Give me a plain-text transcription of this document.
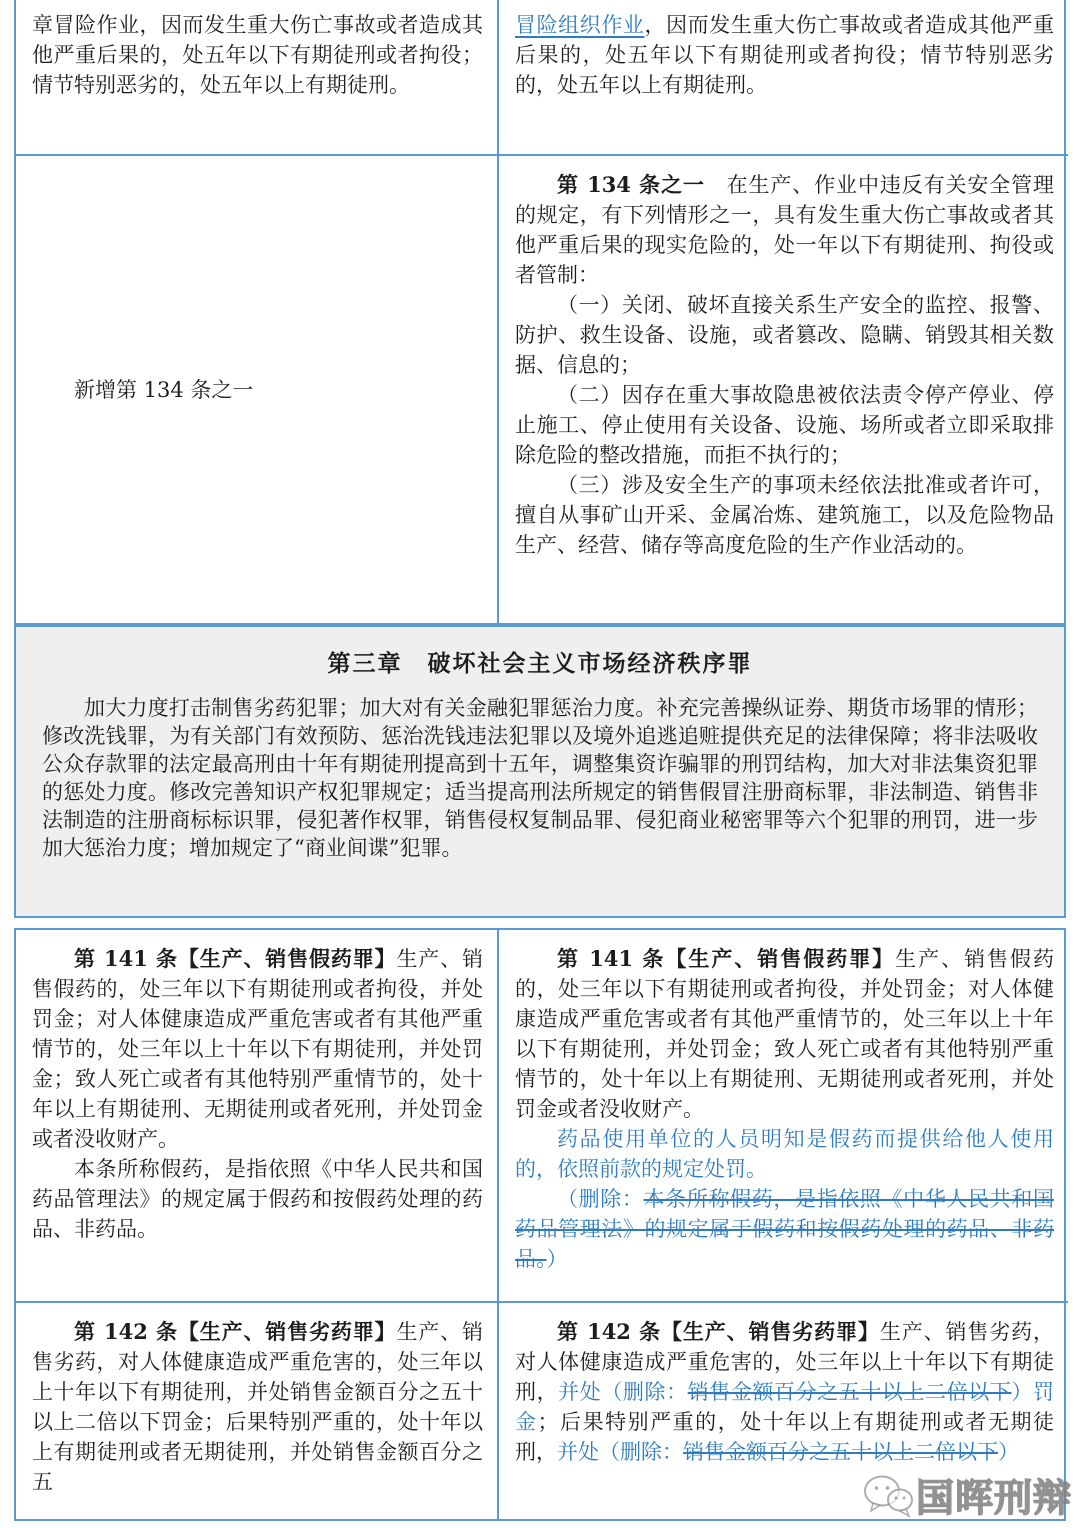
章冒险作业，因而发生重大伤亡事故或者造成其他严重后果的，处五年以下有期徒刑或者拘役；情节特别恶劣的，处五年以上有期徒刑。

冒险组织作业，因而发生重大伤亡事故或者造成其他严重后果的，处五年以下有期徒刑或者拘役；情节特别恶劣的，处五年以上有期徒刑。

新增第 134 条之一

第 134 条之一　在生产、作业中违反有关安全管理的规定，有下列情形之一，具有发生重大伤亡事故或者其他严重后果的现实危险的，处一年以下有期徒刑、拘役或者管制：

（一）关闭、破坏直接关系生产安全的监控、报警、防护、救生设备、设施，或者篡改、隐瞒、销毁其相关数据、信息的；

（二）因存在重大事故隐患被依法责令停产停业、停止施工、停止使用有关设备、设施、场所或者立即采取排除危险的整改措施，而拒不执行的；

（三）涉及安全生产的事项未经依法批准或者许可，擅自从事矿山开采、金属冶炼、建筑施工，以及危险物品生产、经营、储存等高度危险的生产作业活动的。

第三章　破坏社会主义市场经济秩序罪

加大力度打击制售劣药犯罪；加大对有关金融犯罪惩治力度。补充完善操纵证券、期货市场罪的情形；修改洗钱罪，为有关部门有效预防、惩治洗钱违法犯罪以及境外追逃追赃提供充足的法律保障；将非法吸收公众存款罪的法定最高刑由十年有期徒刑提高到十五年，调整集资诈骗罪的刑罚结构，加大对非法集资犯罪的惩处力度。修改完善知识产权犯罪规定；适当提高刑法所规定的销售假冒注册商标罪，非法制造、销售非法制造的注册商标标识罪，侵犯著作权罪，销售侵权复制品罪、侵犯商业秘密罪等六个犯罪的刑罚，进一步加大惩治力度；增加规定了“商业间谍”犯罪。

第 141 条【生产、销售假药罪】生产、销售假药的，处三年以下有期徒刑或者拘役，并处罚金；对人体健康造成严重危害或者有其他严重情节的，处三年以上十年以下有期徒刑，并处罚金；致人死亡或者有其他特别严重情节的，处十年以上有期徒刑、无期徒刑或者死刑，并处罚金或者没收财产。

本条所称假药，是指依照《中华人民共和国药品管理法》的规定属于假药和按假药处理的药品、非药品。

第 141 条【生产、销售假药罪】生产、销售假药的，处三年以下有期徒刑或者拘役，并处罚金；对人体健康造成严重危害或者有其他严重情节的，处三年以上十年以下有期徒刑，并处罚金；致人死亡或者有其他特别严重情节的，处十年以上有期徒刑、无期徒刑或者死刑，并处罚金或者没收财产。

药品使用单位的人员明知是假药而提供给他人使用的，依照前款的规定处罚。

（删除：本条所称假药，是指依照《中华人民共和国药品管理法》的规定属于假药和按假药处理的药品、非药品。）

第 142 条【生产、销售劣药罪】生产、销售劣药，对人体健康造成严重危害的，处三年以上十年以下有期徒刑，并处销售金额百分之五十以上二倍以下罚金；后果特别严重的，处十年以上有期徒刑或者无期徒刑，并处销售金额百分之五

第 142 条【生产、销售劣药罪】生产、销售劣药，对人体健康造成严重危害的，处三年以上十年以下有期徒刑，并处（删除：销售金额百分之五十以上二倍以下）罚金；后果特别严重的，处十年以上有期徒刑或者无期徒刑，并处（删除：销售金额百分之五十以上二倍以下）

国晖刑辩
